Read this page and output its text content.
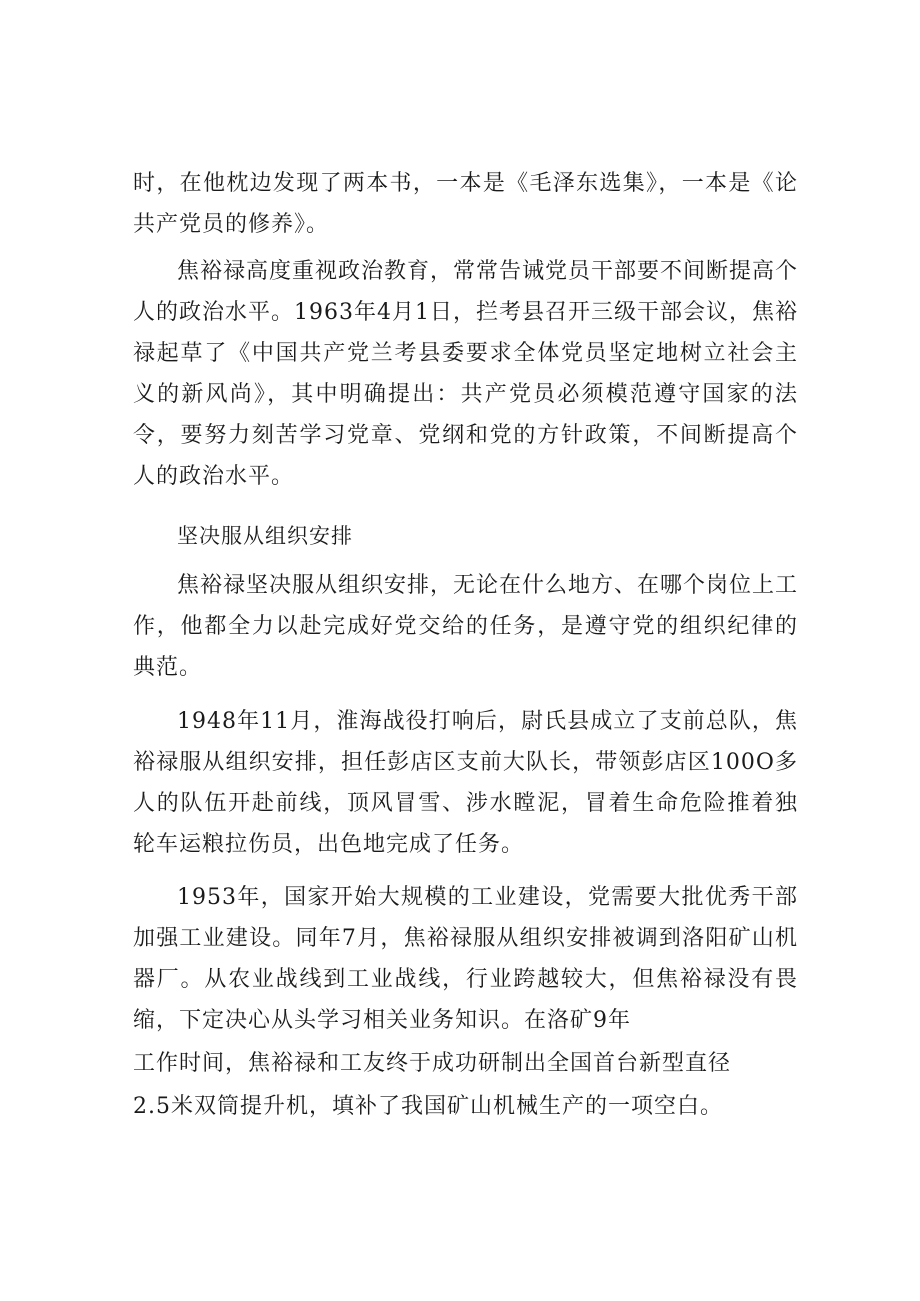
时，在他枕边发现了两本书，一本是《毛泽东选集》，一本是《论共产党员的修养》。

焦裕禄高度重视政治教育，常常告诫党员干部要不间断提高个人的政治水平。1963年4月1日，拦考县召开三级干部会议，焦裕禄起草了《中国共产党兰考县委要求全体党员坚定地树立社会主义的新风尚》，其中明确提出：共产党员必须模范遵守国家的法令，要努力刻苦学习党章、党纲和党的方针政策，不间断提高个人的政治水平。

坚决服从组织安排

焦裕禄坚决服从组织安排，无论在什么地方、在哪个岗位上工作，他都全力以赴完成好党交给的任务，是遵守党的组织纪律的典范。

1948年11月，淮海战役打响后，尉氏县成立了支前总队，焦裕禄服从组织安排，担任彭店区支前大队长，带领彭店区100O多人的队伍开赴前线，顶风冒雪、涉水瞠泥，冒着生命危险推着独轮车运粮拉伤员，出色地完成了任务。

1953年，国家开始大规模的工业建设，党需要大批优秀干部加强工业建设。同年7月，焦裕禄服从组织安排被调到洛阳矿山机器厂。从农业战线到工业战线，行业跨越较大，但焦裕禄没有畏缩，下定决心从头学习相关业务知识。在洛矿9年

工作时间，焦裕禄和工友终于成功研制出全国首台新型直径

2.5米双筒提升机，填补了我国矿山机械生产的一项空白。
